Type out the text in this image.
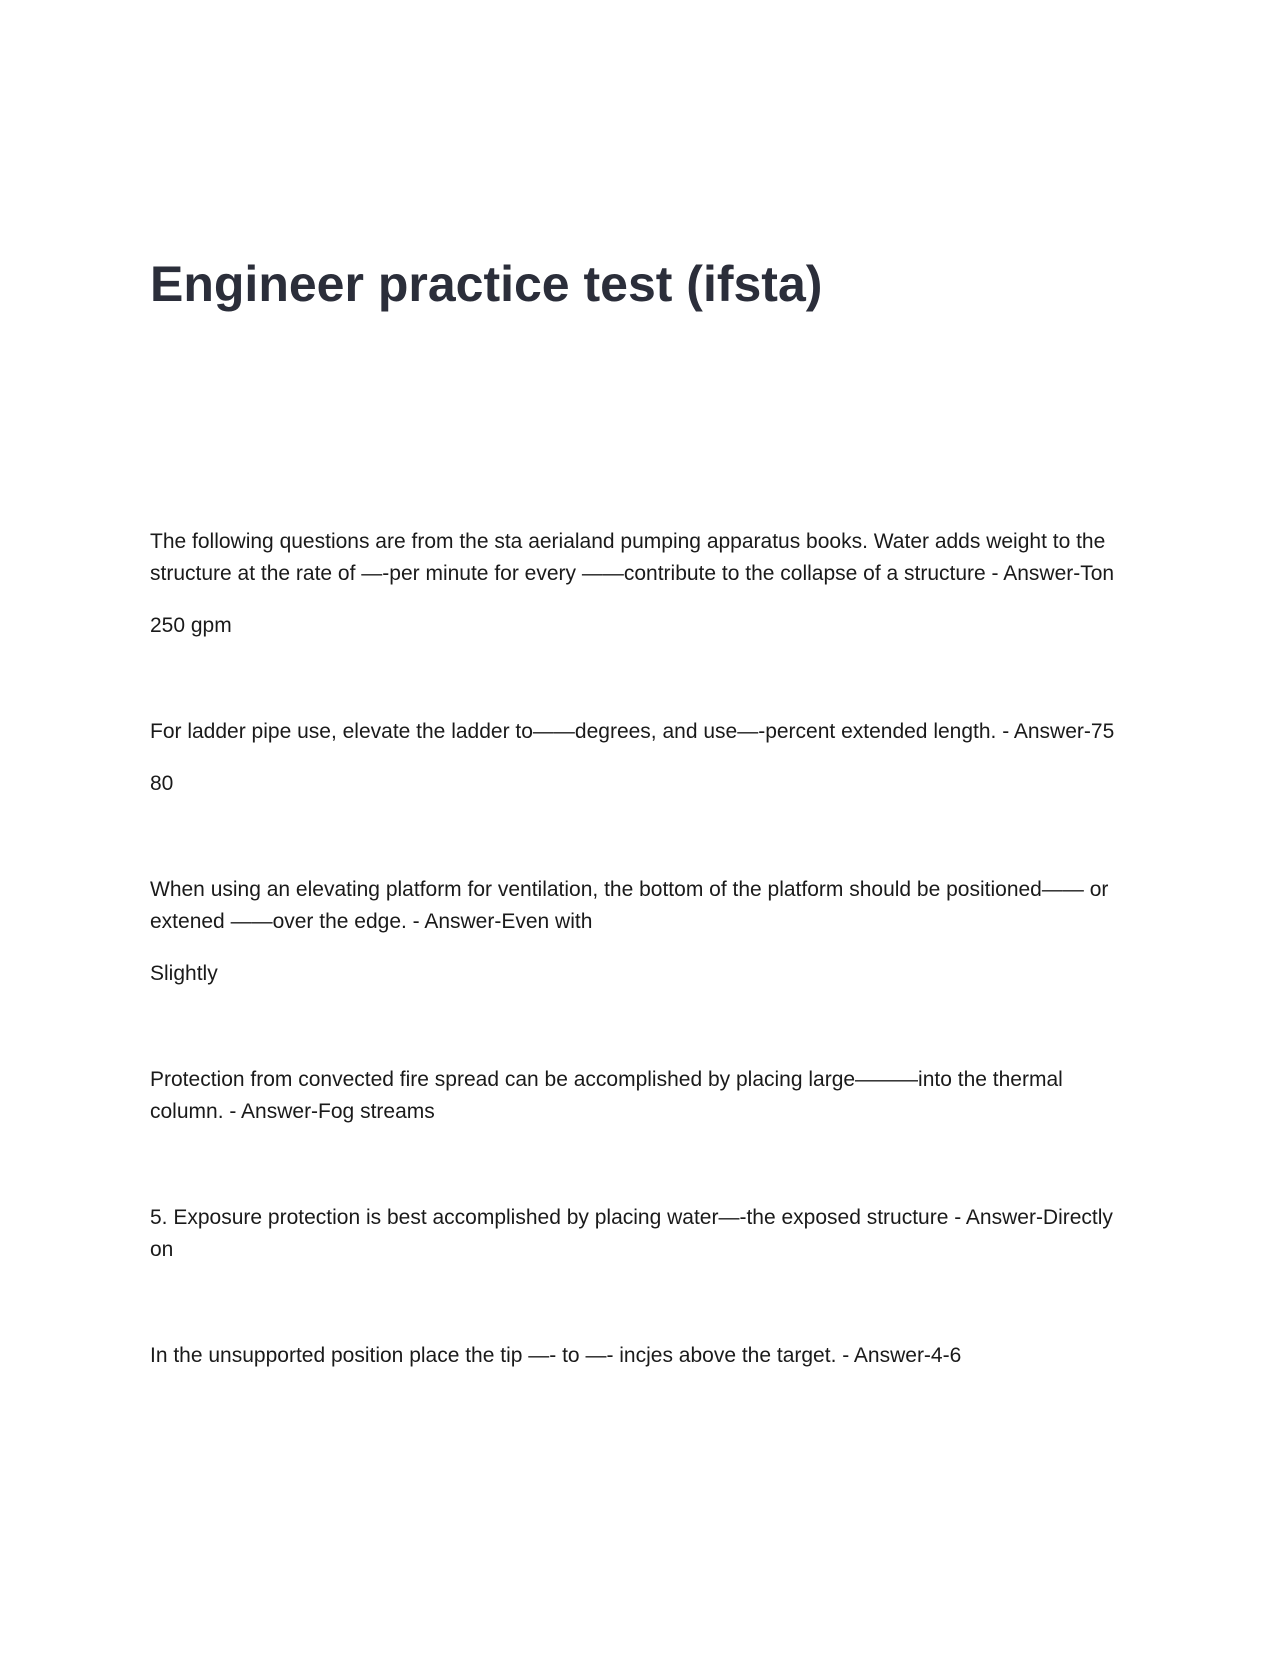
Engineer practice test (ifsta)

The following questions are from the sta aerialand pumping apparatus books. Water adds weight to the structure at the rate of —-per minute for every ——contribute to the collapse of a structure - Answer-Ton

250 gpm

For ladder pipe use, elevate the ladder to——degrees, and use—-percent extended length. - Answer-75

80

When using an elevating platform for ventilation, the bottom of the platform should be positioned—— or extened ——over the edge. - Answer-Even with

Slightly

Protection from convected fire spread can be accomplished by placing large———into the thermal column. - Answer-Fog streams

5. Exposure protection is best accomplished by placing water—-the exposed structure - Answer-Directly on

In the unsupported position place the tip —- to —- incjes above the target. - Answer-4-6
